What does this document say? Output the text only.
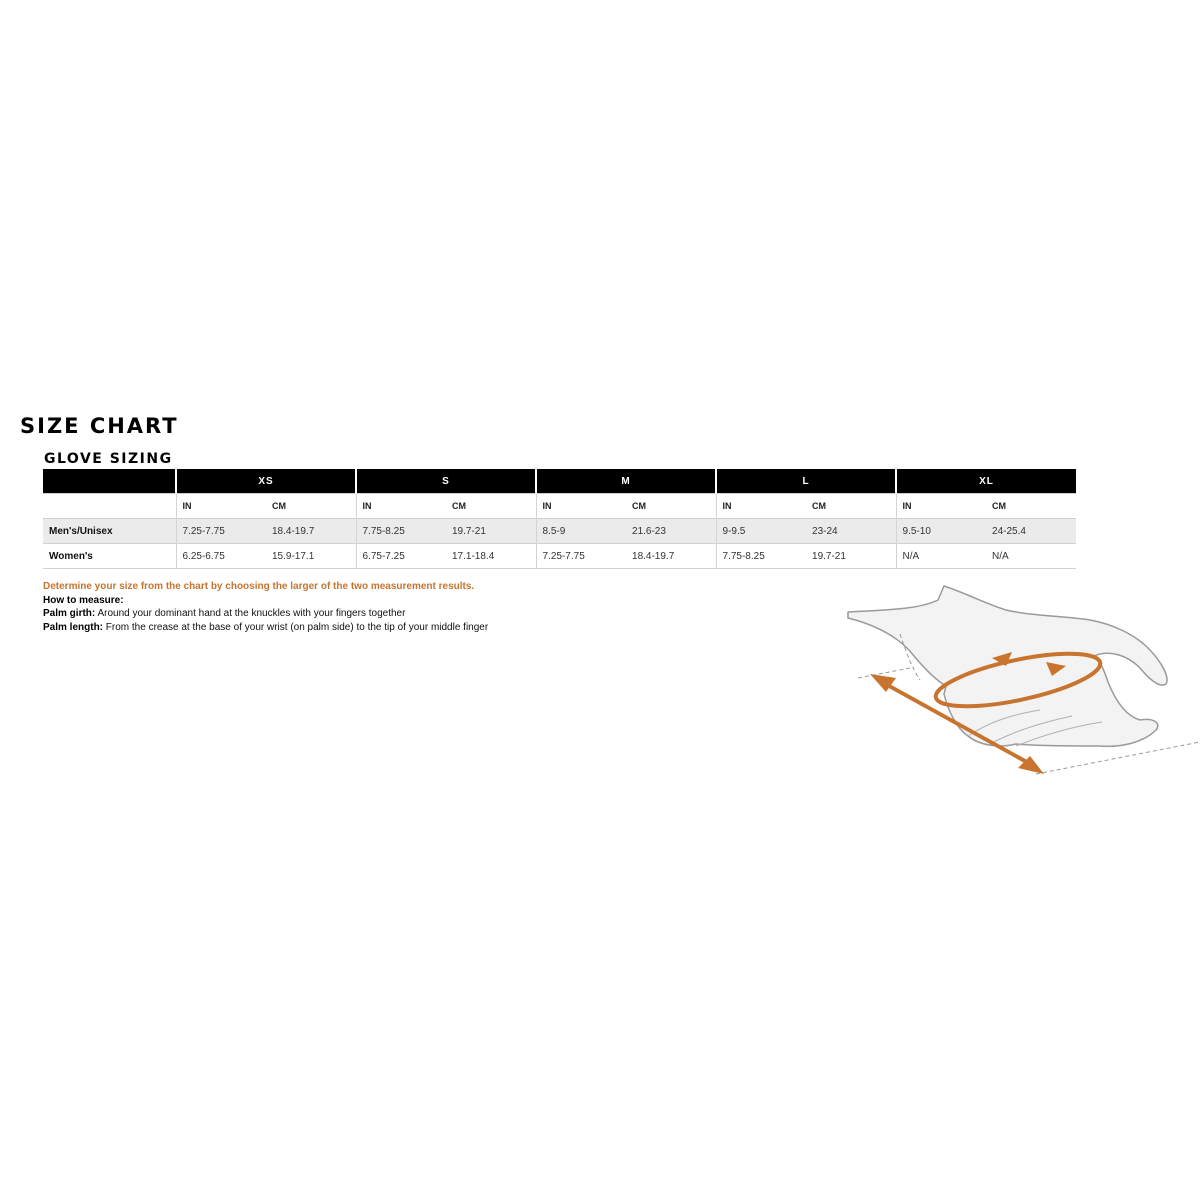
SIZE CHART
GLOVE SIZING
	XS		S		M		L		XL	
	IN	CM	IN	CM	IN	CM	IN	CM	IN	CM
Men's/Unisex	7.25-7.75	18.4-19.7	7.75-8.25	19.7-21	8.5-9	21.6-23	9-9.5	23-24	9.5-10	24-25.4
Women's	6.25-6.75	15.9-17.1	6.75-7.25	17.1-18.4	7.25-7.75	18.4-19.7	7.75-8.25	19.7-21	N/A	N/A

Determine your size from the chart by choosing the larger of the two measurement results.

How to measure:

Palm girth: Around your dominant hand at the knuckles with your fingers together

Palm length: From the crease at the base of your wrist (on palm side) to the tip of your middle finger
